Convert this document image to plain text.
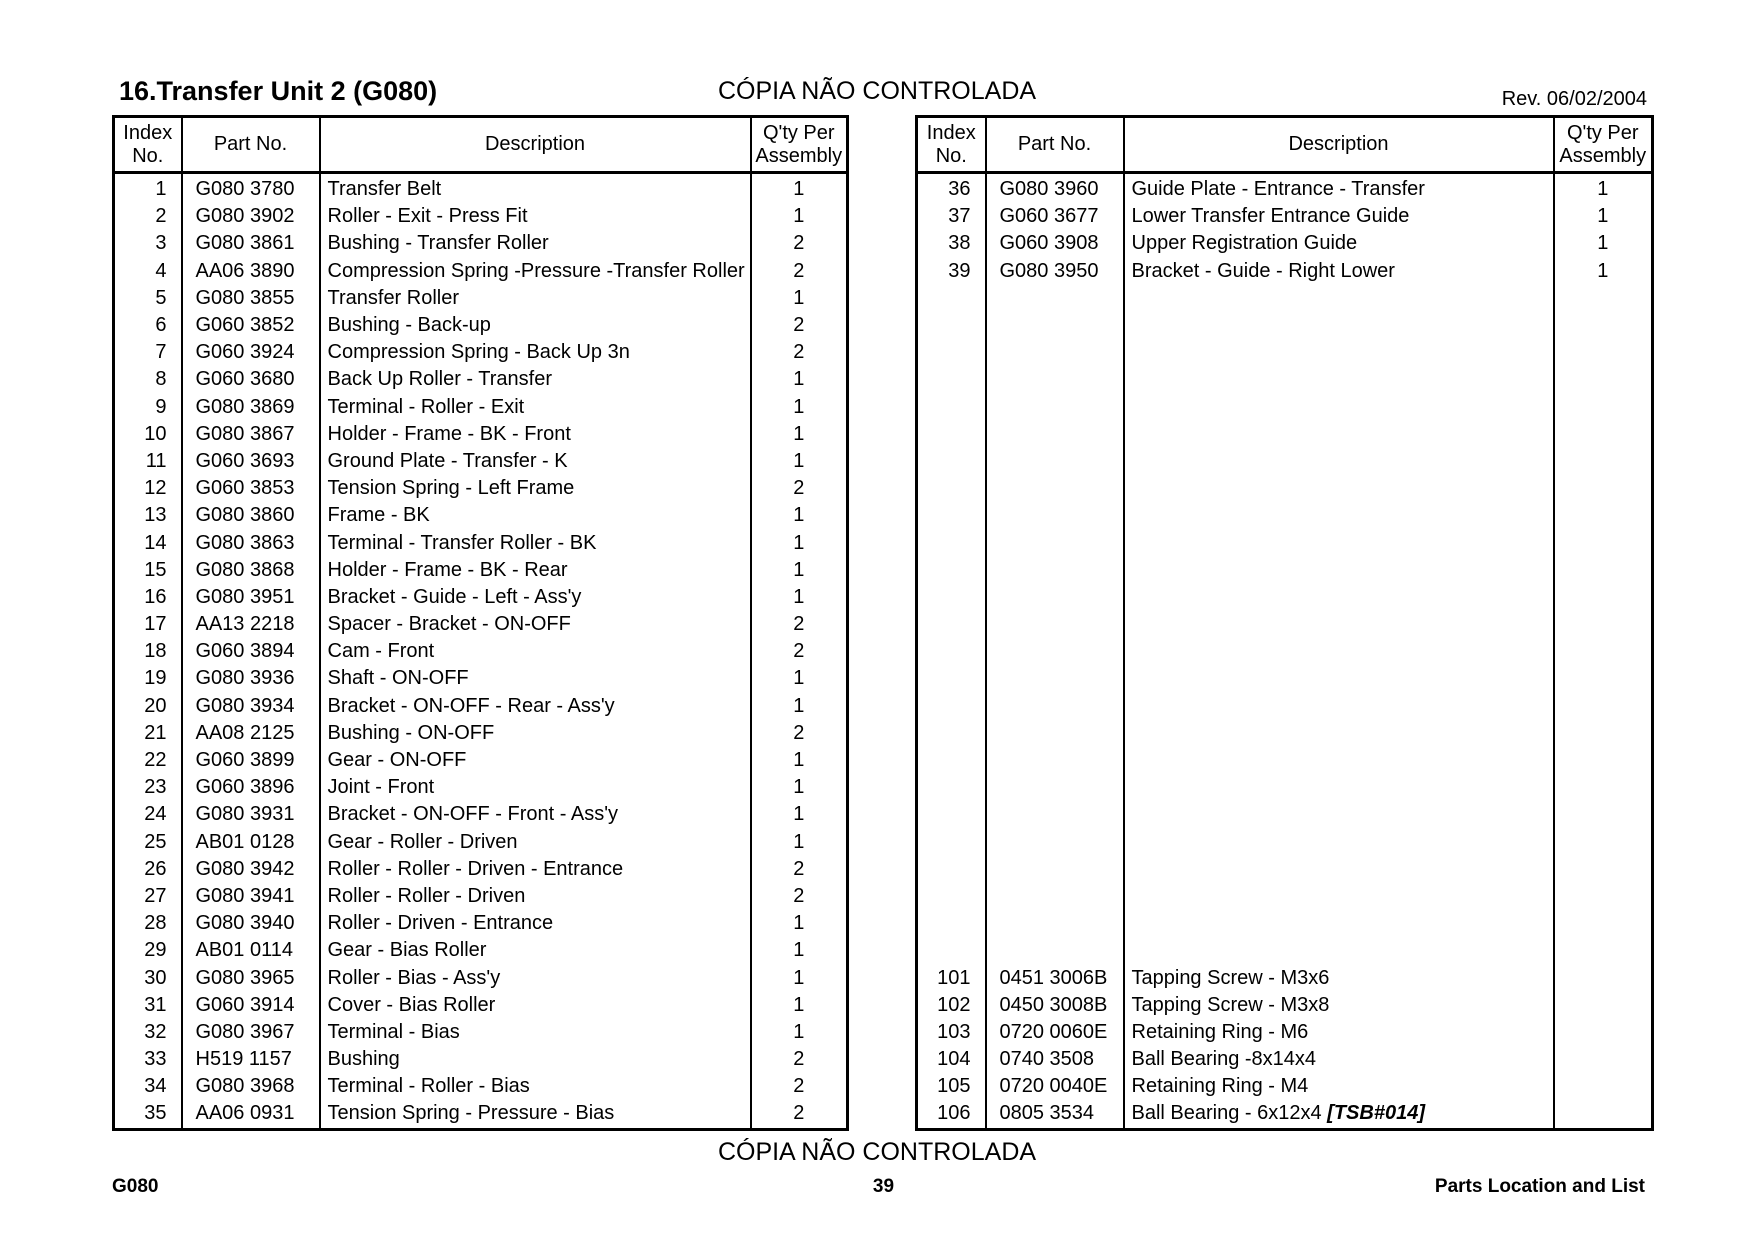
16.Transfer Unit 2 (G080)	CÓPIA NÃO CONTROLADA	Rev. 06/02/2004
Index
No.	Part No.	Description	Q'ty Per
Assembly
1	G080 3780	Transfer Belt	1
2	G080 3902	Roller - Exit - Press Fit	1
3	G080 3861	Bushing - Transfer Roller	2
4	AA06 3890	Compression Spring -Pressure -Transfer Roller	2
5	G080 3855	Transfer Roller	1
6	G060 3852	Bushing - Back-up	2
7	G060 3924	Compression Spring - Back Up 3n	2
8	G060 3680	Back Up Roller - Transfer	1
9	G080 3869	Terminal - Roller - Exit	1
10	G080 3867	Holder - Frame - BK - Front	1
11	G060 3693	Ground Plate - Transfer - K	1
12	G060 3853	Tension Spring - Left Frame	2
13	G080 3860	Frame - BK	1
14	G080 3863	Terminal - Transfer Roller - BK	1
15	G080 3868	Holder - Frame - BK - Rear	1
16	G080 3951	Bracket - Guide - Left - Ass'y	1
17	AA13 2218	Spacer - Bracket - ON-OFF	2
18	G060 3894	Cam - Front	2
19	G080 3936	Shaft - ON-OFF	1
20	G080 3934	Bracket - ON-OFF - Rear - Ass'y	1
21	AA08 2125	Bushing - ON-OFF	2
22	G060 3899	Gear - ON-OFF	1
23	G060 3896	Joint - Front	1
24	G080 3931	Bracket - ON-OFF - Front - Ass'y	1
25	AB01 0128	Gear - Roller - Driven	1
26	G080 3942	Roller - Roller - Driven - Entrance	2
27	G080 3941	Roller - Roller - Driven	2
28	G080 3940	Roller - Driven - Entrance	1
29	AB01 0114	Gear - Bias Roller	1
30	G080 3965	Roller - Bias - Ass'y	1
31	G060 3914	Cover - Bias Roller	1
32	G080 3967	Terminal - Bias	1
33	H519 1157	Bushing	2
34	G080 3968	Terminal - Roller - Bias	2
35	AA06 0931	Tension Spring - Pressure - Bias	2
Index
No.	Part No.	Description	Q'ty Per
Assembly
36	G080 3960	Guide Plate - Entrance - Transfer	1
37	G060 3677	Lower Transfer Entrance Guide	1
38	G060 3908	Upper Registration Guide	1
39	G080 3950	Bracket - Guide - Right Lower	1

101	0451 3006B	Tapping Screw - M3x6	
102	0450 3008B	Tapping Screw - M3x8	
103	0720 0060E	Retaining Ring - M6	
104	0740 3508	Ball Bearing -8x14x4	
105	0720 0040E	Retaining Ring - M4	
106	0805 3534	Ball Bearing - 6x12x4 [TSB#014]	
CÓPIA NÃO CONTROLADA
G080	39	Parts Location and List
